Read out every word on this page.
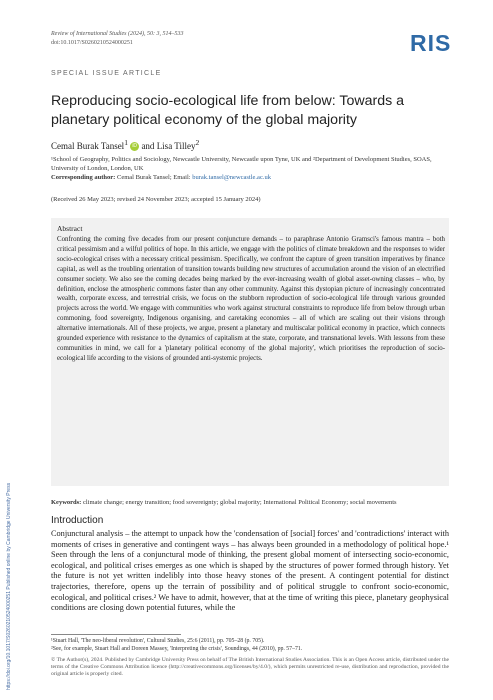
https://doi.org/10.1017/S0260210524000251 Published online by Cambridge University Press
Review of International Studies (2024), 50: 3, 514–533
doi:10.1017/S0260210524000251	RIS
SPECIAL ISSUE ARTICLE
Reproducing socio-ecological life from below: Towards a planetary political economy of the global majority
Cemal Burak Tansel$^1$ iD and Lisa Tilley$^2$
¹School of Geography, Politics and Sociology, Newcastle University, Newcastle upon Tyne, UK and ²Department of Development Studies, SOAS, University of London, London, UK
Corresponding author: Cemal Burak Tansel; Email: burak.tansel@newcastle.ac.uk
(Received 26 May 2023; revised 24 November 2023; accepted 15 January 2024)
Abstract
Confronting the coming five decades from our present conjuncture demands – to paraphrase Antonio Gramsci's famous mantra – both critical pessimism and a wilful politics of hope. In this article, we engage with the politics of climate breakdown and the responses to wider socio-ecological crises with a necessary critical pessimism. Specifically, we confront the capture of green transition imperatives by finance capital, as well as the troubling orientation of transition towards building new structures of accumulation around the vision of an electrified consumer society. We also see the coming decades being marked by the ever-increasing wealth of global asset-owning classes – who, by definition, enclose the atmospheric commons faster than any other community. Against this dystopian picture of increasingly concentrated wealth, corporate excess, and terrestrial crisis, we focus on the stubborn reproduction of socio-ecological life through various grounded projects across the world. We engage with communities who work against structural constraints to reproduce life from below through urban commoning, food sovereignty, Indigenous organising, and caretaking economies – all of which are scaling out their visions through alternative internationals. All of these projects, we argue, present a planetary and multiscalar political economy in practice, which connects grounded experience with resistance to the dynamics of capitalism at the state, corporate, and transnational levels. With lessons from these communities in mind, we call for a 'planetary political economy of the global majority', which prioritises the reproduction of socio-ecological life according to the visions of grounded anti-systemic projects.
Keywords: climate change; energy transition; food sovereignty; global majority; International Political Economy; social movements
Introduction
Conjunctural analysis – the attempt to unpack how the 'condensation of [social] forces' and 'contradictions' interact with moments of crises in generative and contingent ways – has always been grounded in a methodology of political hope.¹ Seen through the lens of a conjunctural mode of thinking, the present global moment of intersecting socio-economic, ecological, and political crises emerges as one which is shaped by the structures of power formed through history. Yet the future is not yet written indelibly into those heavy stones of the present. A contingent potential for distinct trajectories, therefore, opens up the terrain of possibility and of political struggle to confront socio-economic, ecological, and political crises.² We have to admit, however, that at the time of writing this piece, planetary geophysical conditions are closing down potential futures, while the
¹Stuart Hall, 'The neo-liberal revolution', Cultural Studies, 25:6 (2011), pp. 705–28 (p. 705).
²See, for example, Stuart Hall and Doreen Massey, 'Interpreting the crisis', Soundings, 44 (2010), pp. 57–71.
© The Author(s), 2024. Published by Cambridge University Press on behalf of The British International Studies Association. This is an Open Access article, distributed under the terms of the Creative Commons Attribution licence (http://creativecommons.org/licenses/by/4.0/), which permits unrestricted re-use, distribution and reproduction, provided the original article is properly cited.
